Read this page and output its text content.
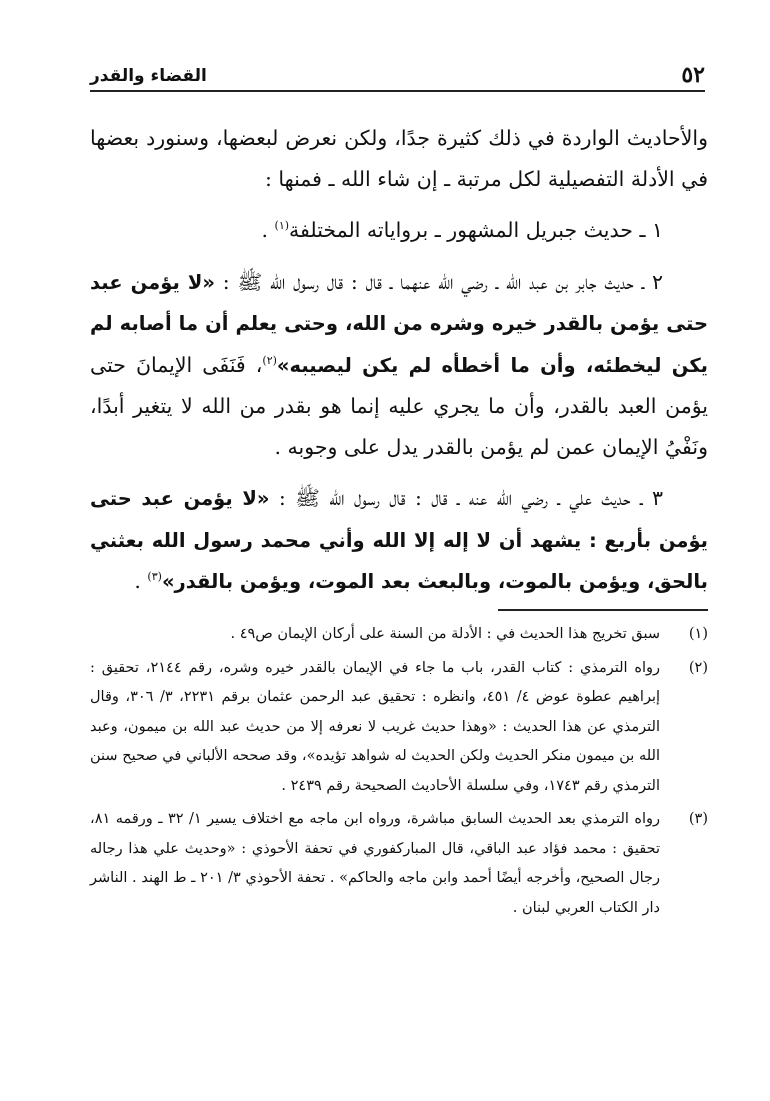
٥٢
القضاء والقدر

والأحاديث الواردة في ذلك كثيرة جدًا، ولكن نعرض لبعضها، وسنورد بعضها في الأدلة التفصيلية لكل مرتبة ـ إن شاء الله ـ فمنها :

١ ـ حديث جبريل المشهور ـ برواياته المختلفة$^{(١)}$ .

٢ ـ حديث جابر بن عبد الله ـ رضي الله عنهما ـ قال : قال رسول الله ﷺ : «لا يؤمن عبد حتى يؤمن بالقدر خيره وشره من الله، وحتى يعلم أن ما أصابه لم يكن ليخطئه، وأن ما أخطأه لم يكن ليصيبه»$^{(٢)}$، فَنَفَى الإيمانَ حتى يؤمن العبد بالقدر، وأن ما يجري عليه إنما هو بقدر من الله لا يتغير أبدًا، ونَفْيُ الإيمان عمن لم يؤمن بالقدر يدل على وجوبه .

٣ ـ حديث علي ـ رضي الله عنه ـ قال : قال رسول الله ﷺ : «لا يؤمن عبد حتى يؤمن بأربع : يشهد أن لا إله إلا الله وأني محمد رسول الله بعثني بالحق، ويؤمن بالموت، وبالبعث بعد الموت، ويؤمن بالقدر»$^{(٣)}$ .

(١)
سبق تخريج هذا الحديث في : الأدلة من السنة على أركان الإيمان ص٤٩ .
(٢)
رواه الترمذي : كتاب القدر، باب ما جاء في الإيمان بالقدر خيره وشره، رقم ٢١٤٤، تحقيق : إبراهيم عطوة عوض ٤/ ٤٥١، وانظره : تحقيق عبد الرحمن عثمان برقم ٢٢٣١، ٣/ ٣٠٦، وقال الترمذي عن هذا الحديث : «وهذا حديث غريب لا نعرفه إلا من حديث عبد الله بن ميمون، وعبد الله بن ميمون منكر الحديث ولكن الحديث له شواهد تؤيده»، وقد صححه الألباني في صحيح سنن الترمذي رقم ١٧٤٣، وفي سلسلة الأحاديث الصحيحة رقم ٢٤٣٩ .
(٣)
رواه الترمذي بعد الحديث السابق مباشرة، ورواه ابن ماجه مع اختلاف يسير ١/ ٣٢ ـ ورقمه ٨١، تحقيق : محمد فؤاد عبد الباقي، قال المباركفوري في تحفة الأحوذي : «وحديث علي هذا رجاله رجال الصحيح، وأخرجه أيضًا أحمد وابن ماجه والحاكم» . تحفة الأحوذي ٣/ ٢٠١ ـ ط الهند . الناشر دار الكتاب العربي لبنان .
